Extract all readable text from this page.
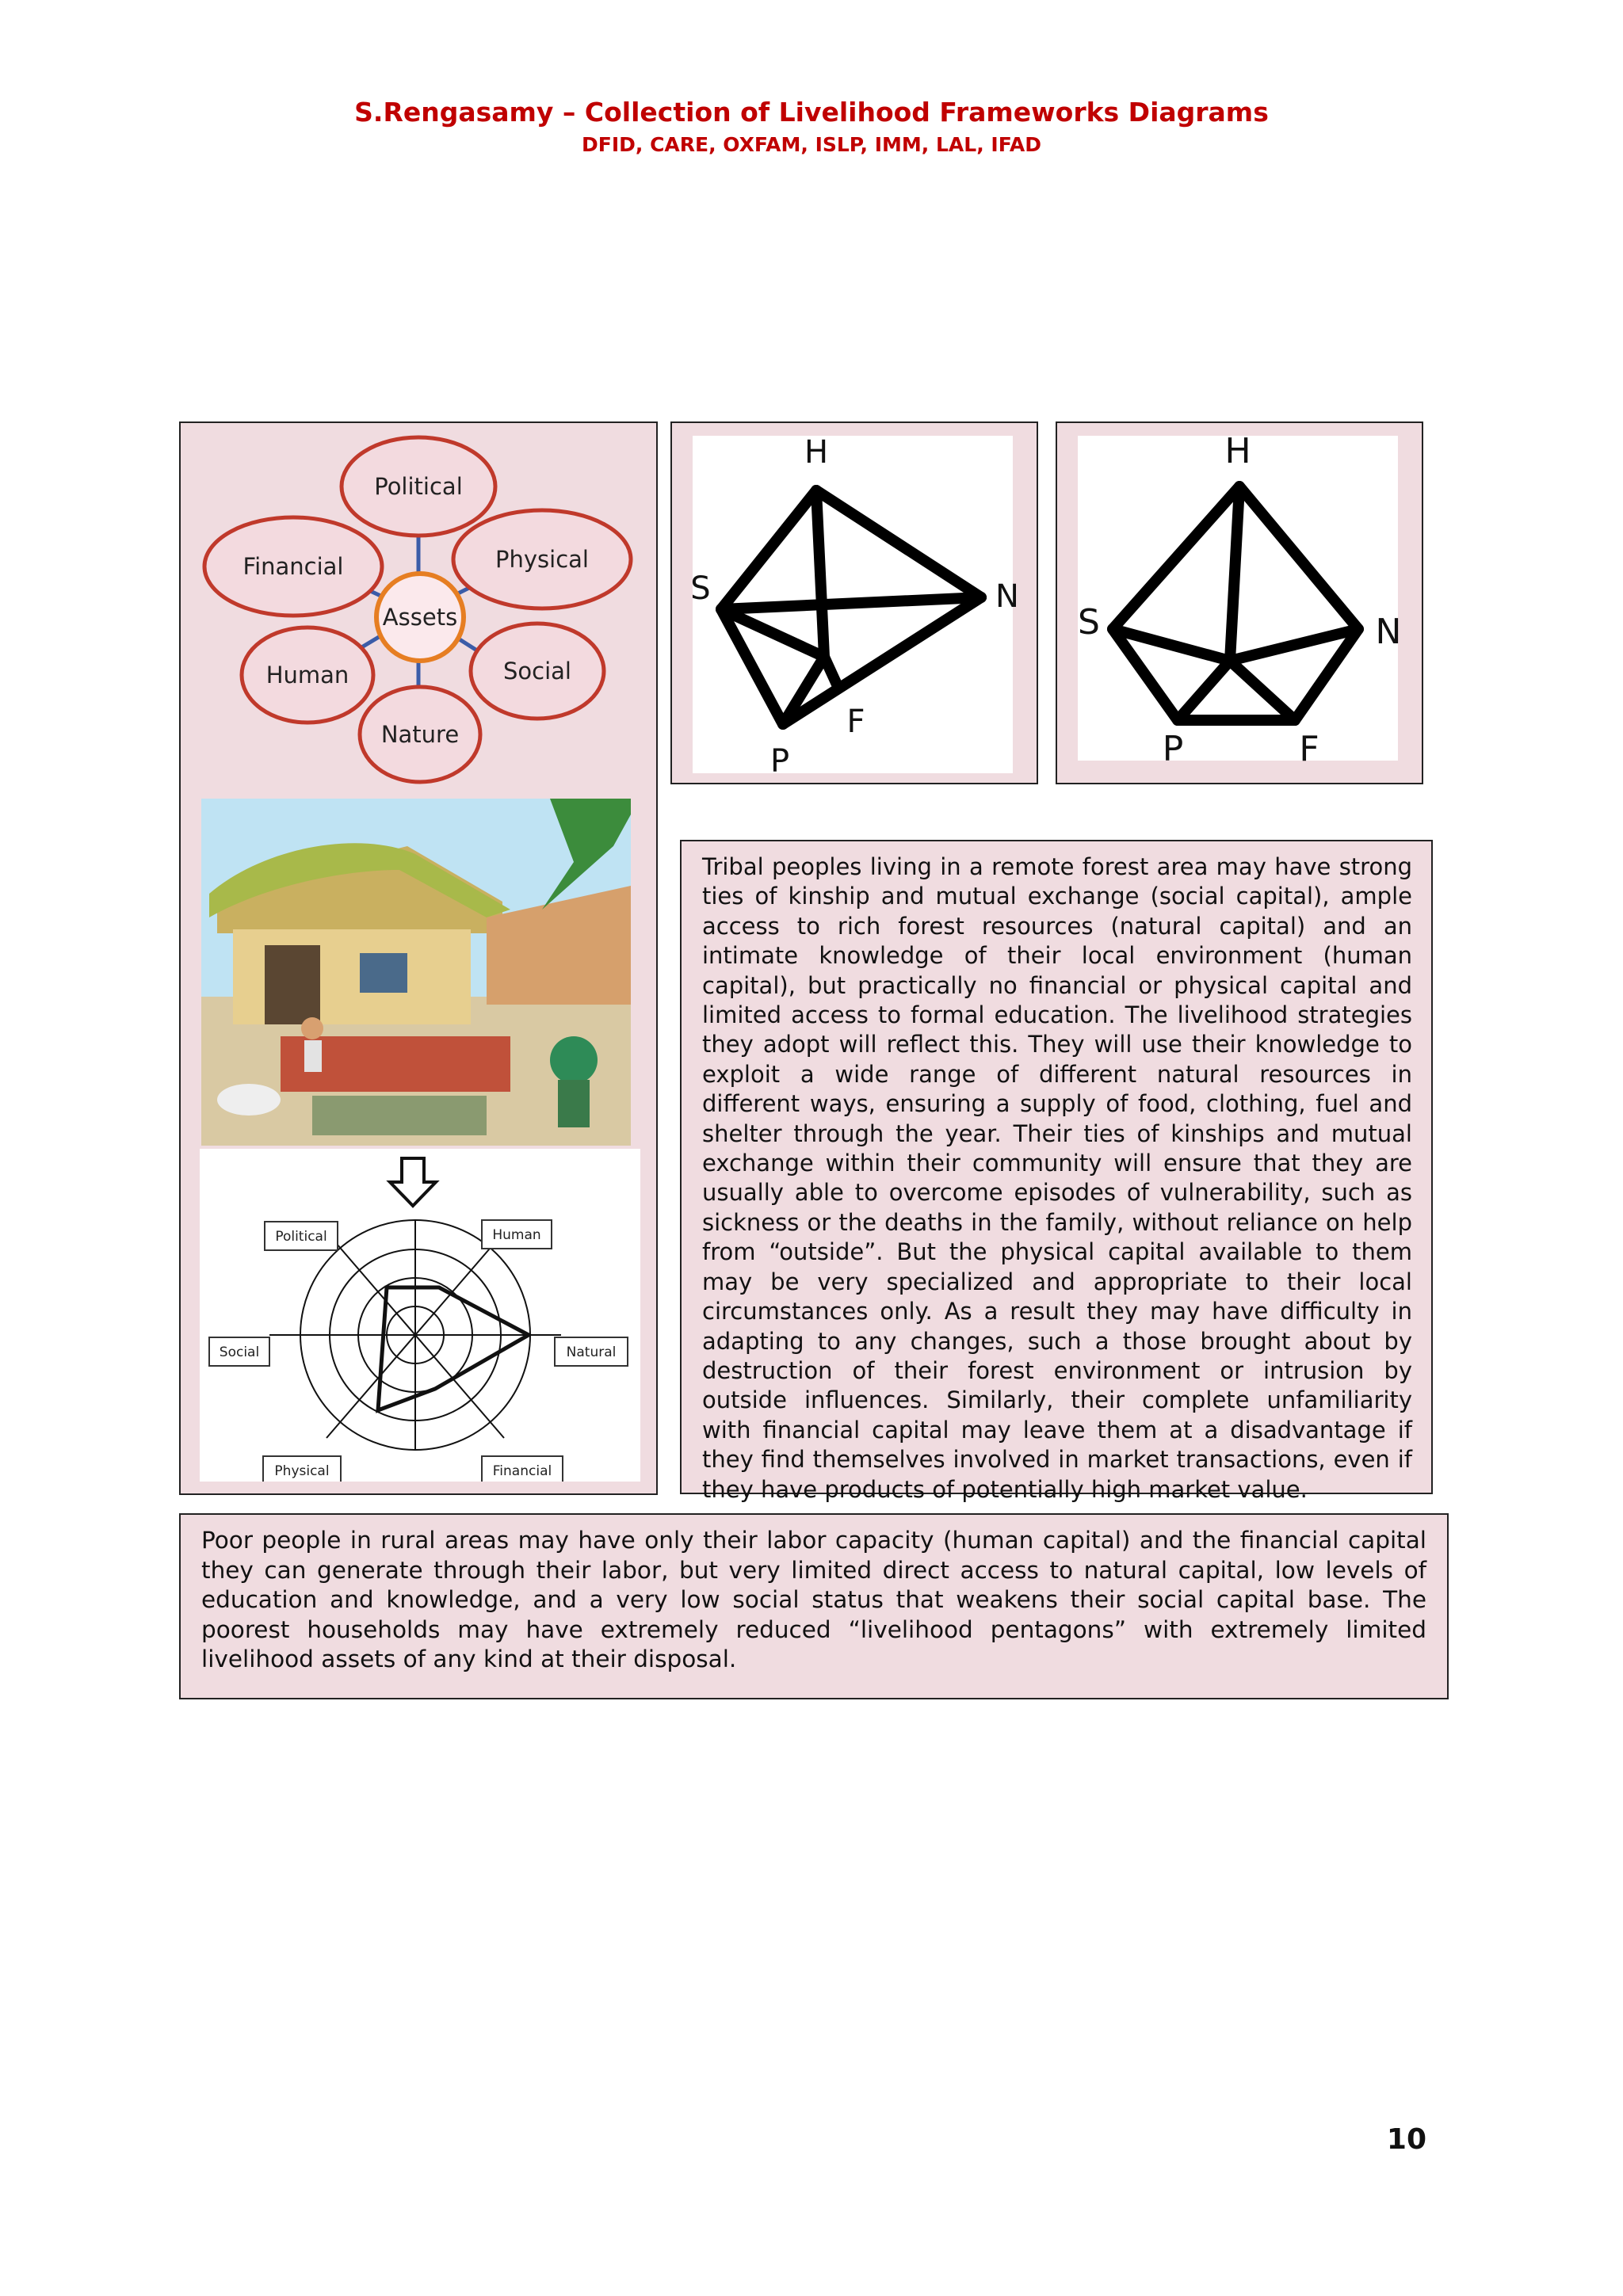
S.Rengasamy – Collection of Livelihood Frameworks Diagrams
DFID, CARE, OXFAM, ISLP, IMM, LAL, IFAD
Assets
Political
Physical
Social
Nature
Human
Financial
Political	Human
Social	Natural
Physical	Financial
H
S	N
P
F
H
S	N
P	F
Tribal peoples living in a remote forest area may have strong ties of kinship and mutual exchange (social capital), ample access to rich forest resources (natural capital) and an intimate knowledge of their local environment (human capital), but practically no financial or physical capital and limited access to formal education. The livelihood strategies they adopt will reflect this. They will use their knowledge to exploit a wide range of different natural resources in different ways, ensuring a supply of food, clothing, fuel and shelter through the year. Their ties of kinships and mutual exchange within their community will ensure that they are usually able to overcome episodes of vulnerability, such as sickness or the deaths in the family, without reliance on help from “outside”. But the physical capital available to them may be very specialized and appropriate to their local circumstances only. As a result they may have difficulty in adapting to any changes, such a those brought about by destruction of their forest environment or intrusion by outside influences. Similarly, their complete unfamiliarity with financial capital may leave them at a disadvantage if they find themselves involved in market transactions, even if they have products of potentially high market value.
Poor people in rural areas may have only their labor capacity (human capital) and the financial capital they can generate through their labor, but very limited direct access to natural capital, low levels of education and knowledge, and a very low social status that weakens their social capital base. The poorest households may have extremely reduced “livelihood pentagons” with extremely limited livelihood assets of any kind at their disposal.
10
